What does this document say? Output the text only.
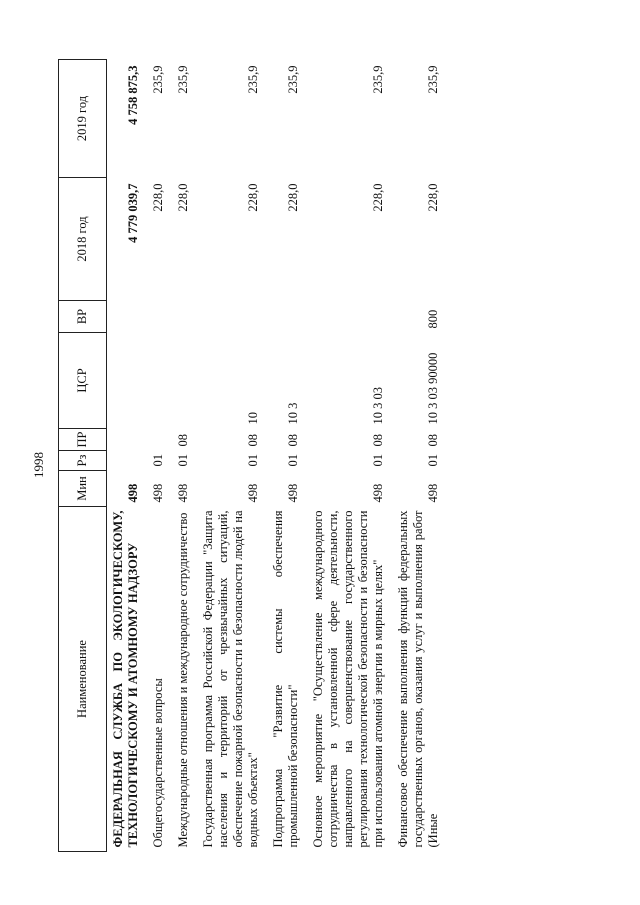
1998
Наименование	Мин	Рз	ПР	ЦСР	ВР	2018 год	2019 год
ФЕДЕРАЛЬНАЯ СЛУЖБА ПО ЭКОЛОГИЧЕСКОМУ, ТЕХНОЛОГИЧЕСКОМУ И АТОМНОМУ НАДЗОРУ	498					4 779 039,7	4 758 875,3
Общегосударственные вопросы	498	01				228,0	235,9
Международные отношения и международное сотрудничество	498	01	08			228,0	235,9
Государственная программа Российской Федерации "Защита населения и территорий от чрезвычайных ситуаций, обеспечение пожарной безопасности и безопасности людей на водных объектах"	498	01	08	10		228,0	235,9
Подпрограмма "Развитие системы обеспечения промышленной безопасности"	498	01	08	10 3		228,0	235,9
Основное мероприятие "Осуществление международного сотрудничества в установленной сфере деятельности, направленного на совершенствование государственного регулирования технологической безопасности и безопасности при использовании атомной энергии в мирных целях"	498	01	08	10 3 03		228,0	235,9
Финансовое обеспечение выполнения функций федеральных государственных органов, оказания услуг и выполнения работ (Иные	498	01	08	10 3 03 90000	800	228,0	235,9
